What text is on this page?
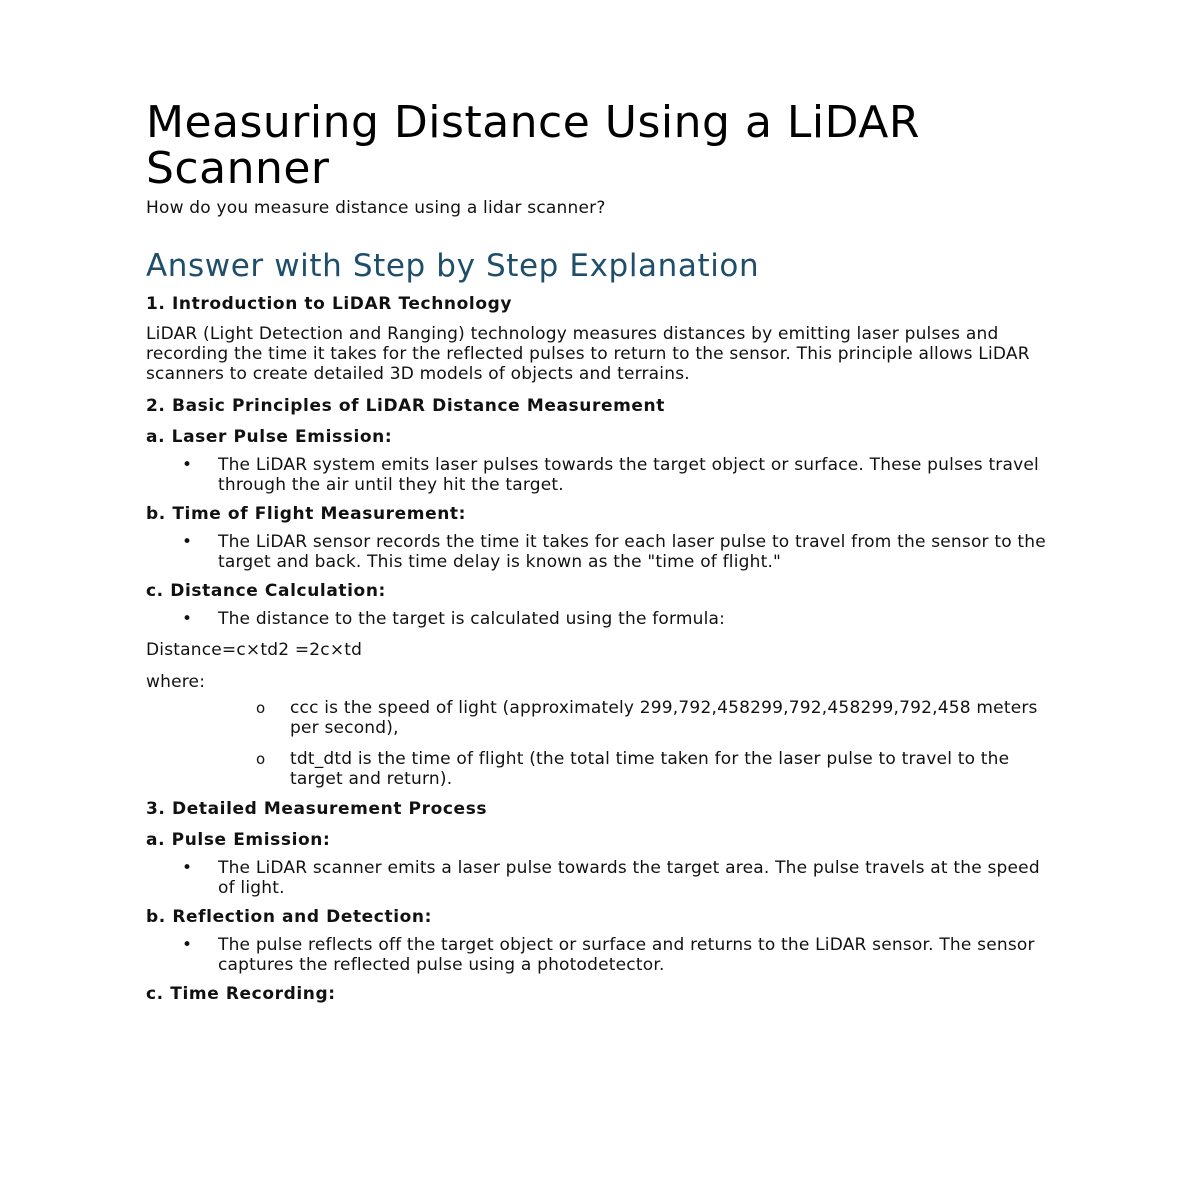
Measuring Distance Using a LiDAR Scanner

How do you measure distance using a lidar scanner?

Answer with Step by Step Explanation
1. Introduction to LiDAR Technology

LiDAR (Light Detection and Ranging) technology measures distances by emitting laser pulses and recording the time it takes for the reflected pulses to return to the sensor. This principle allows LiDAR scanners to create detailed 3D models of objects and terrains.

2. Basic Principles of LiDAR Distance Measurement
a. Laser Pulse Emission:
• The LiDAR system emits laser pulses towards the target object or surface. These pulses travel through the air until they hit the target.
b. Time of Flight Measurement:
• The LiDAR sensor records the time it takes for each laser pulse to travel from the sensor to the target and back. This time delay is known as the "time of flight."
c. Distance Calculation:
• The distance to the target is calculated using the formula:

Distance=c×td2 =2c×td

where:

o ccc is the speed of light (approximately 299,792,458299,792,458299,792,458 meters per second),
o tdt_dtd is the time of flight (the total time taken for the laser pulse to travel to the target and return).
3. Detailed Measurement Process
a. Pulse Emission:
• The LiDAR scanner emits a laser pulse towards the target area. The pulse travels at the speed of light.
b. Reflection and Detection:
• The pulse reflects off the target object or surface and returns to the LiDAR sensor. The sensor captures the reflected pulse using a photodetector.
c. Time Recording:
